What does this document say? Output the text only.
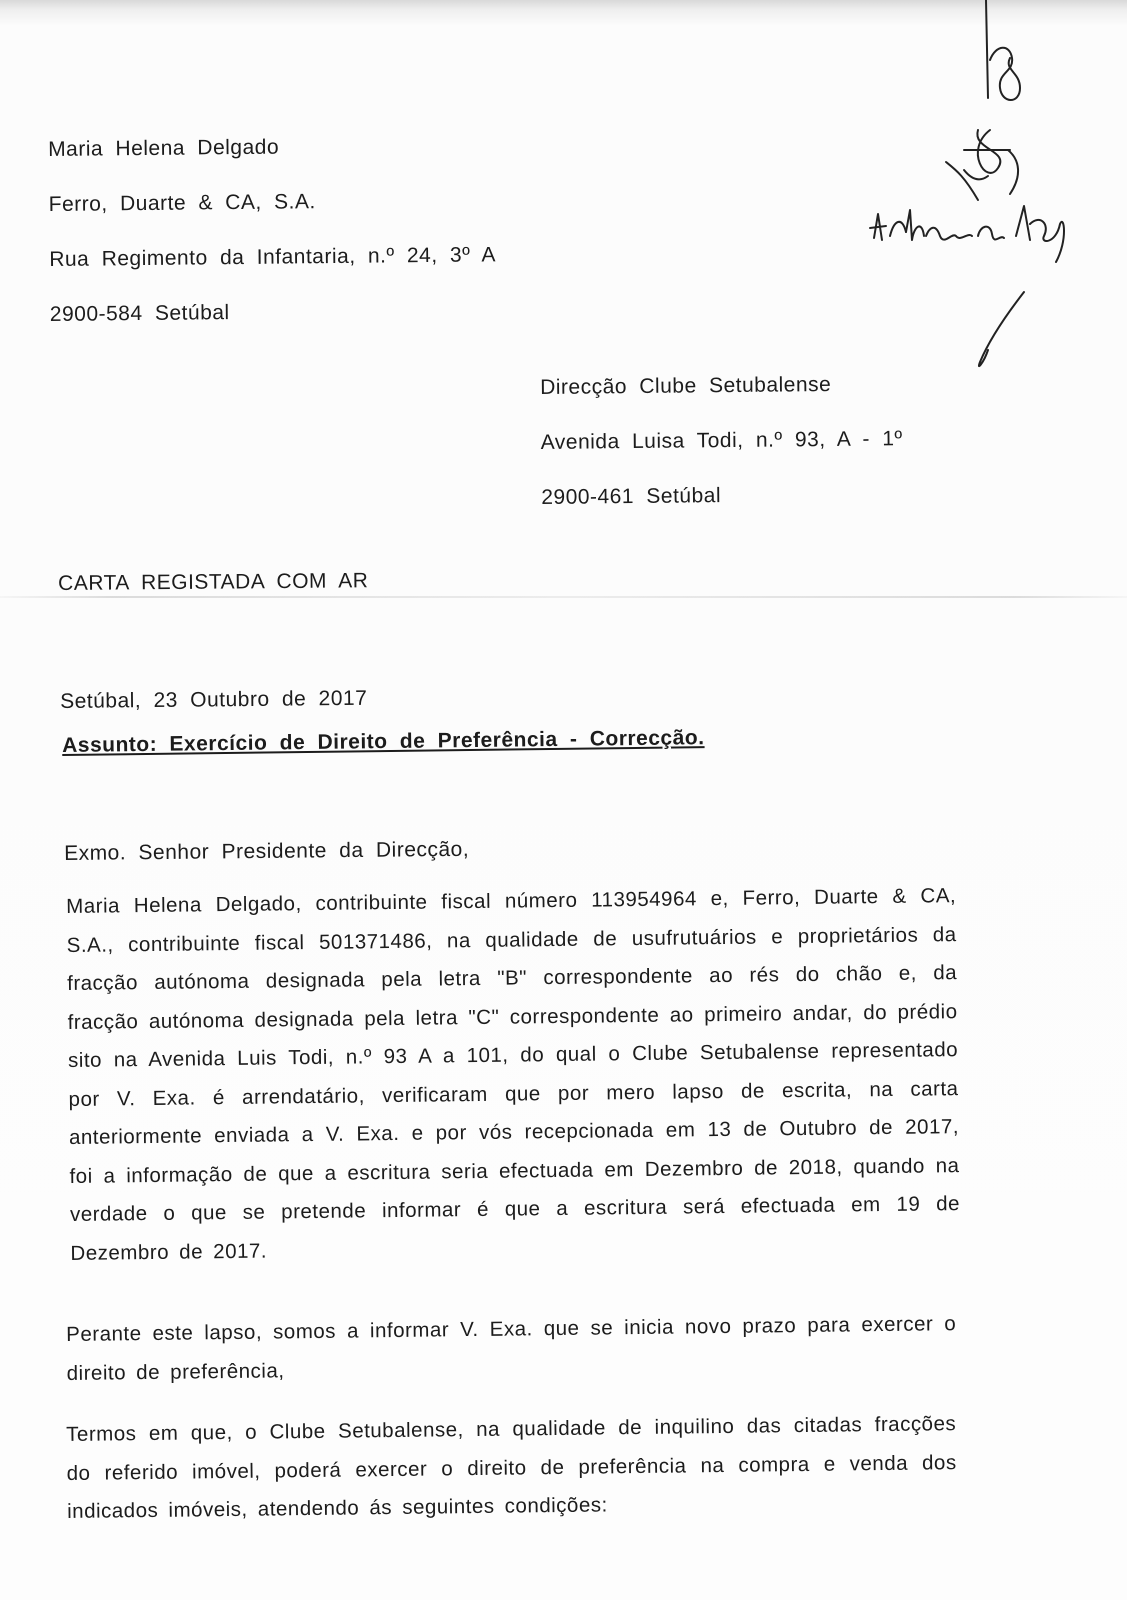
Maria Helena Delgado
Ferro, Duarte & CA, S.A.
Rua Regimento da Infantaria, n.º 24, 3º A
2900-584 Setúbal
Direcção Clube Setubalense
Avenida Luisa Todi, n.º 93, A - 1º
2900-461 Setúbal
CARTA REGISTADA COM AR
Setúbal, 23 Outubro de 2017
Assunto: Exercício de Direito de Preferência - Correcção.
Exmo. Senhor Presidente da Direcção,
Maria Helena Delgado, contribuinte fiscal número 113954964 e, Ferro, Duarte & CA, S.A., contribuinte fiscal 501371486, na qualidade de usufrutuários e proprietários da fracção autónoma designada pela letra "B" correspondente ao rés do chão e, da fracção autónoma designada pela letra "C" correspondente ao primeiro andar, do prédio sito na Avenida Luis Todi, n.º 93 A a 101, do qual o Clube Setubalense representado por V. Exa. é arrendatário, verificaram que por mero lapso de escrita, na carta anteriormente enviada a V. Exa. e por vós recepcionada em 13 de Outubro de 2017, foi a informação de que a escritura seria efectuada em Dezembro de 2018, quando na verdade o que se pretende informar é que a escritura será efectuada em 19 de Dezembro de 2017.
Perante este lapso, somos a informar V. Exa. que se inicia novo prazo para exercer o direito de preferência,
Termos em que, o Clube Setubalense, na qualidade de inquilino das citadas fracções do referido imóvel, poderá exercer o direito de preferência na compra e venda dos indicados imóveis, atendendo ás seguintes condições:
